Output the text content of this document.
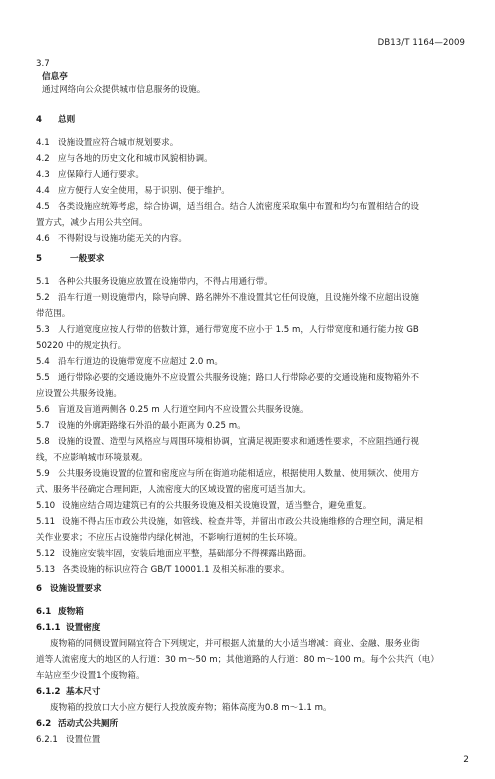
DB13/T 1164—2009

3.7

信息亭

通过网络向公众提供城市信息服务的设施。

4 总则

4.1 设施设置应符合城市规划要求。

4.2 应与各地的历史文化和城市风貌相协调。

4.3 应保障行人通行要求。

4.4 应方便行人安全使用，易于识别、便于维护。

4.5 各类设施应统筹考虑，综合协调，适当组合。结合人流密度采取集中布置和均匀布置相结合的设

置方式，减少占用公共空间。

4.6 不得附设与设施功能无关的内容。

5	一般要求

5.1 各种公共服务设施应放置在设施带内，不得占用通行带。

5.2 沿车行道一则设施带内，除导向牌、路名牌外不准设置其它任何设施，且设施外缘不应超出设施

带范围。

5.3 人行道宽度应按人行带的倍数计算，通行带宽度不应小于 1.5 m，人行带宽度和通行能力按 GB

50220 中的规定执行。

5.4 沿车行道边的设施带宽度不应超过 2.0 m。

5.5 通行带除必要的交通设施外不应设置公共服务设施；路口人行带除必要的交通设施和废物箱外不

应设置公共服务设施。

5.6 盲道及盲道两侧各 0.25 m 人行道空间内不应设置公共服务设施。

5.7 设施的外廓距路缘石外沿的最小距离为 0.25 m。

5.8 设施的设置、造型与风格应与周围环境相协调，宜满足视距要求和通透性要求，不应阻挡通行视

线，不应影响城市环境景观。

5.9 公共服务设施设置的位置和密度应与所在街道功能相适应，根据使用人数量、使用频次、使用方

式、服务半径确定合理间距，人流密度大的区域设置的密度可适当加大。

5.10 设施应结合周边建筑已有的公共服务设施及相关设施设置，适当整合，避免重复。

5.11 设施不得占压市政公共设施，如管线、检查井等，并留出市政公共设施维修的合理空间，满足相

关作业要求；不应压占设施带内绿化树池，不影响行道树的生长环境。

5.12 设施应安装牢固，安装后地面应平整，基础部分不得裸露出路面。

5.13 各类设施的标识应符合 GB/T 10001.1 及相关标准的要求。

6 设施设置要求

6.1 废物箱

6.1.1 设置密度

废物箱的同侧设置间隔宜符合下列规定，并可根据人流量的大小适当增减：商业、金融、服务业街

道等人流密度大的地区的人行道：30 m～50 m；其他道路的人行道：80 m～100 m。每个公共汽（电）

车站应至少设置1个废物箱。

6.1.2 基本尺寸

废物箱的投放口大小应方便行人投放废弃物；箱体高度为0.8 m～1.1 m。

6.2 活动式公共厕所

6.2.1 设置位置

2
